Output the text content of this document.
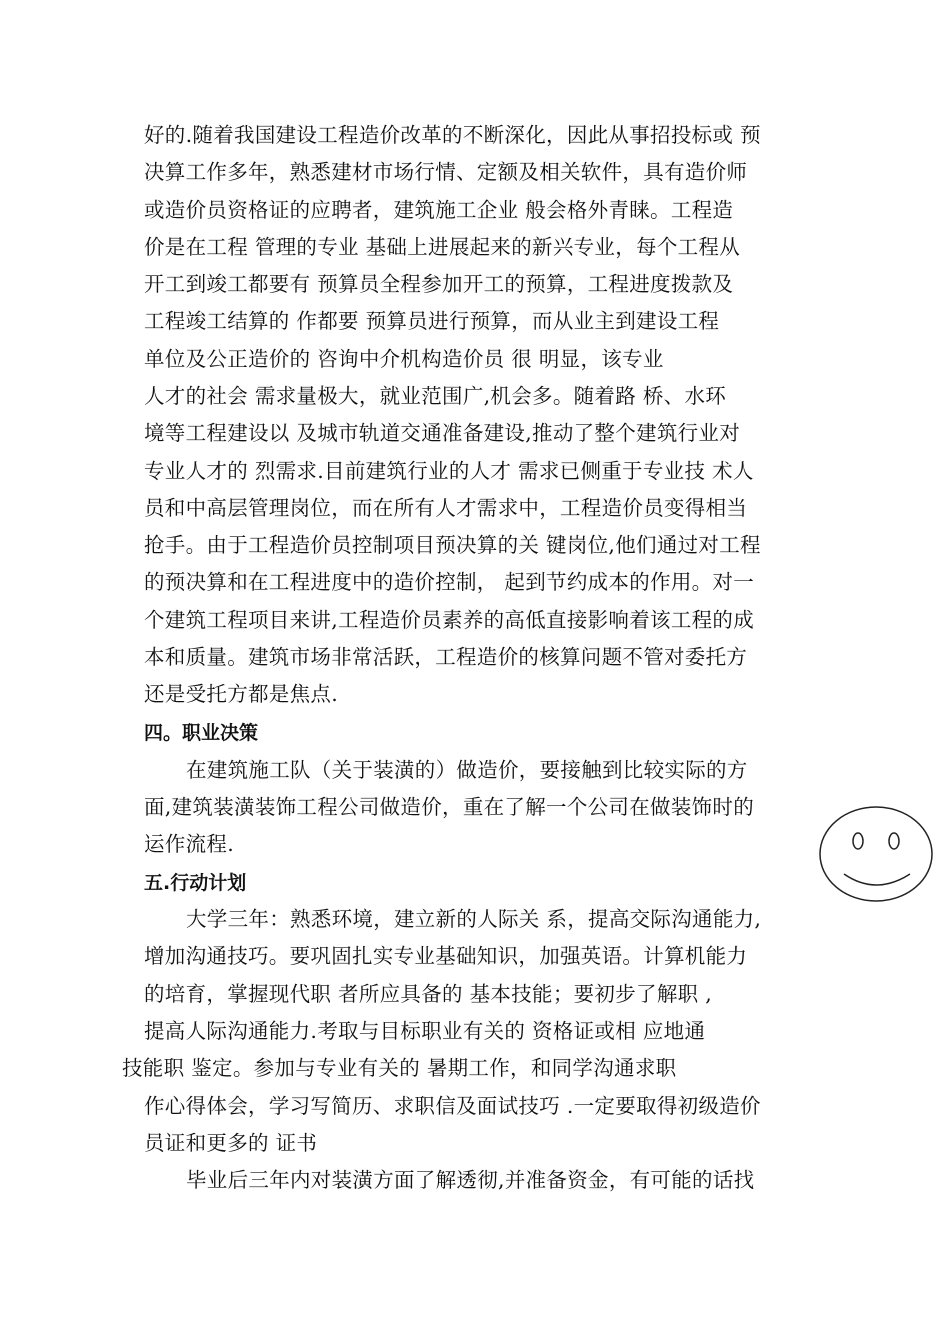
好的.随着我国建设工程造价改革的不断深化，因此从事招投标或 预
决算工作多年，熟悉建材市场行情、定额及相关软件，具有造价师
或造价员资格证的应聘者，建筑施工企业 般会格外青睐。工程造
价是在工程 管理的专业 基础上进展起来的新兴专业，每个工程从
开工到竣工都要有 预算员全程参加开工的预算，工程进度拨款及
工程竣工结算的 作都要 预算员进行预算，而从业主到建设工程
单位及公正造价的 咨询中介机构造价员 很 明显，该专业
人才的社会 需求量极大，就业范围广,机会多。随着路 桥、水环
境等工程建设以 及城市轨道交通准备建设,推动了整个建筑行业对
专业人才的 烈需求.目前建筑行业的人才 需求已侧重于专业技 术人
员和中高层管理岗位，而在所有人才需求中，工程造价员变得相当
抢手。由于工程造价员控制项目预决算的关 键岗位,他们通过对工程
的预决算和在工程进度中的造价控制， 起到节约成本的作用。对一
个建筑工程项目来讲,工程造价员素养的高低直接影响着该工程的成
本和质量。建筑市场非常活跃，工程造价的核算问题不管对委托方
还是受托方都是焦点.
四。职业决策
在建筑施工队（关于装潢的）做造价，要接触到比较实际的方
面,建筑装潢装饰工程公司做造价，重在了解一个公司在做装饰时的
运作流程.
五.行动计划
大学三年：熟悉环境，建立新的人际关 系，提高交际沟通能力,
增加沟通技巧。要巩固扎实专业基础知识，加强英语。计算机能力
的培育，掌握现代职 者所应具备的 基本技能；要初步了解职 ,
提高人际沟通能力.考取与目标职业有关的 资格证或相 应地通
技能职 鉴定。参加与专业有关的 暑期工作，和同学沟通求职
作心得体会，学习写简历、求职信及面试技巧 .一定要取得初级造价
员证和更多的 证书
毕业后三年内对装潢方面了解透彻,并准备资金，有可能的话找
